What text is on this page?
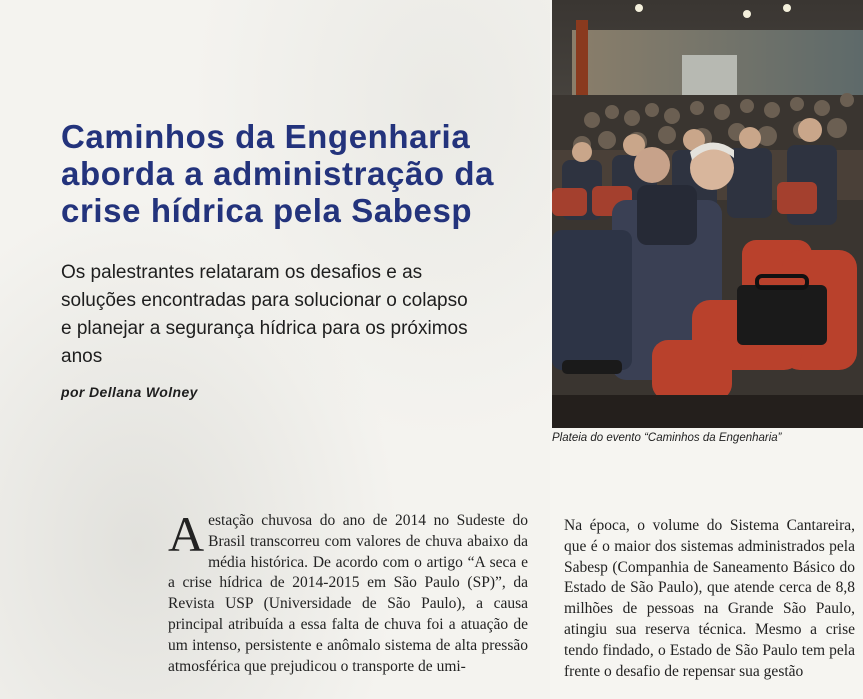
Caminhos da Engenharia aborda a administração da crise hídrica pela Sabesp

Os palestrantes relataram os desafios e as soluções encontradas para solucionar o colapso e planejar a segurança hídrica para os próximos anos

por Dellana Wolney

Plateia do evento “Caminhos da Engenharia”

Aestação chuvosa do ano de 2014 no Sudeste do Brasil transcorreu com valores de chuva abaixo da média histórica. De acordo com o artigo “A seca e a crise hídrica de 2014-2015 em São Paulo (SP)”, da Revista USP (Universidade de São Paulo), a causa principal atribuída a essa falta de chuva foi a atuação de um intenso, persistente e anômalo sistema de alta pressão atmosférica que prejudicou o transporte de umi-

Na época, o volume do Sistema Cantareira, que é o maior dos sistemas administrados pela Sabesp (Companhia de Saneamento Básico do Estado de São Paulo), que atende cerca de 8,8 milhões de pessoas na Grande São Paulo, atingiu sua reserva técnica. Mesmo a crise tendo findado, o Estado de São Paulo tem pela frente o desafio de repensar sua gestão
